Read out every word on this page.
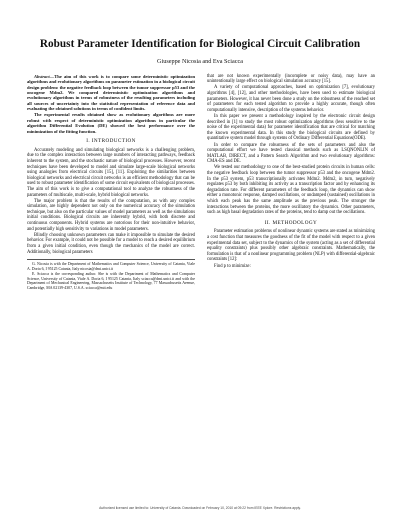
Robust Parameter Identification for Biological Circuit Calibration
Giuseppe Nicosia and Eva Sciacca

Abstract—The aim of this work is to compare some deterministic optimization algorithms and evolutionary algorithms on parameter estimation in a biological circuit design problem: the negative feedback loop between the tumor suppressor p53 and the oncogene Mdm2. We compared deterministic optimization algorithms and evolutionary algorithms in terms of robustness of the resulting parameters including all sources of uncertainty into the statistical representation of reference data and evaluating the obtained solutions in terms of confident limits.

The experimental results obtained show as evolutionary algorithms are more robust with respect of deterministic optimization algorithms in particular the algorithm Differential Evolution (DE) showed the best performance over the minimization of the fitting function.

I. INTRODUCTION

Accurately modeling and simulating biological networks is a challenging problem, due to the complex interaction between large numbers of interacting pathways, feedback inherent to the system, and the stochastic nature of biological processes. However, recent techniques have been developed to model and simulate large-scale biological networks using analogies from electrical circuits [15], [11]. Exploiting the similarities between biological networks and electrical circuit networks is an efficient methodology that can be used to robust parameter identification of some circuit equivalents of biological processes. The aim of this work is to give a computational tool to analyze the robustness of the parameters of multiscale, multi-scale, hybrid biological networks.

The major problem is that the results of the computation, as with any complex simulation, are highly dependent not only on the numerical accuracy of the simulation technique, but also on the particular values of model parameters as well as the simulations initial conditions. Biological circuits are inherently hybrid, with both discrete and continuous components. Hybrid systems are notorious for their non-intuitive behavior, and potentially high sensitivity to variations in model parameters.

Blindly choosing unknown parameters can make it impossible to simulate the desired behavior. For example, it could not be possible for a model to reach a desired equilibrium from a given initial condition, even though the mechanics of the model are correct. Additionally, biological parameters

G. Nicosia is with the Department of Mathematics and Computer Science, University of Catania, Viale A. Doria 6, I 95125 Catania, Italy nicosia@dmi.unict.it

E. Sciacca is the corresponding author. She is with the Department of Mathematics and Computer Science, University of Catania, Viale A. Doria 6, I 95125 Catania, Italy sciacca@dmi.unict.it and with the Department of Mechanical Engineering, Massachusetts Institute of Technology, 77 Massachusetts Avenue, Cambridge, MA 02139-4307, U.S.A. sciacca@mit.edu

that are not known experimentally (incomplete or noisy data), may have an unintentionally large effect on biological simulation accuracy [15].

A variety of computational approaches, based on optimization [7], evolutionary algorithms [4], [12], and other methodologies, have been used to estimate biological parameters. However, it has never been done a study on the robustness of the reached set of parameters for each tested algorithm to provide a highly accurate, though often computationally intensive, description of the systems behavior.

In this paper we present a methodology inspired by the electronic circuit design described in [1] to study the most robust optimization algorithms (less sensitive to the noise of the experimental data) for parameter identification that are critical for matching the known experimental data. In this study the biological circuits are defined by quantitative system model through systems of Ordinary Differential Equations(ODE).

In order to compare the robustness of the sets of parameters and also the computational effort we have tested classical methods such as LSQNONLIN of MATLAB, DIRECT, and a Pattern Search Algorithm and two evolutionary algorithms: CMA-ES and DE.

We tested our methodology to one of the best-studied protein circuits in human cells: the negative feedback loop between the tumor suppressor p53 and the oncogene Mdm2. In the p53 system, p53 transcriptionally activates Mdm2. Mdm2, in turn, negatively regulates p53 by both inhibiting its activity as a transcription factor and by enhancing its degradation rate. For different parameters of the feedback loop, the dynamics can show either a monotonic response, damped oscillations, or undamped (sustained) oscillations in which each peak has the same amplitude as the previous peak. The stronger the interactions between the proteins, the more oscillatory the dynamics. Other parameters, such as high basal degradation rates of the proteins, tend to damp out the oscillations.

II. METHODOLOGY

Parameter estimation problems of nonlinear dynamic systems are stated as minimizing a cost function that measures the goodness of the fit of the model with respect to a given experimental data set, subject to the dynamics of the system (acting as a set of differential equality constraints) plus possibly other algebraic constraints. Mathematically, the formulation is that of a nonlinear programming problem (NLP) with differential-algebraic constraints [12]:

Find p to minimize:

Authorized licensed use limited to: University of Catania. Downloaded on February 10, 2010 at 09:22 from IEEE Xplore. Restrictions apply.
